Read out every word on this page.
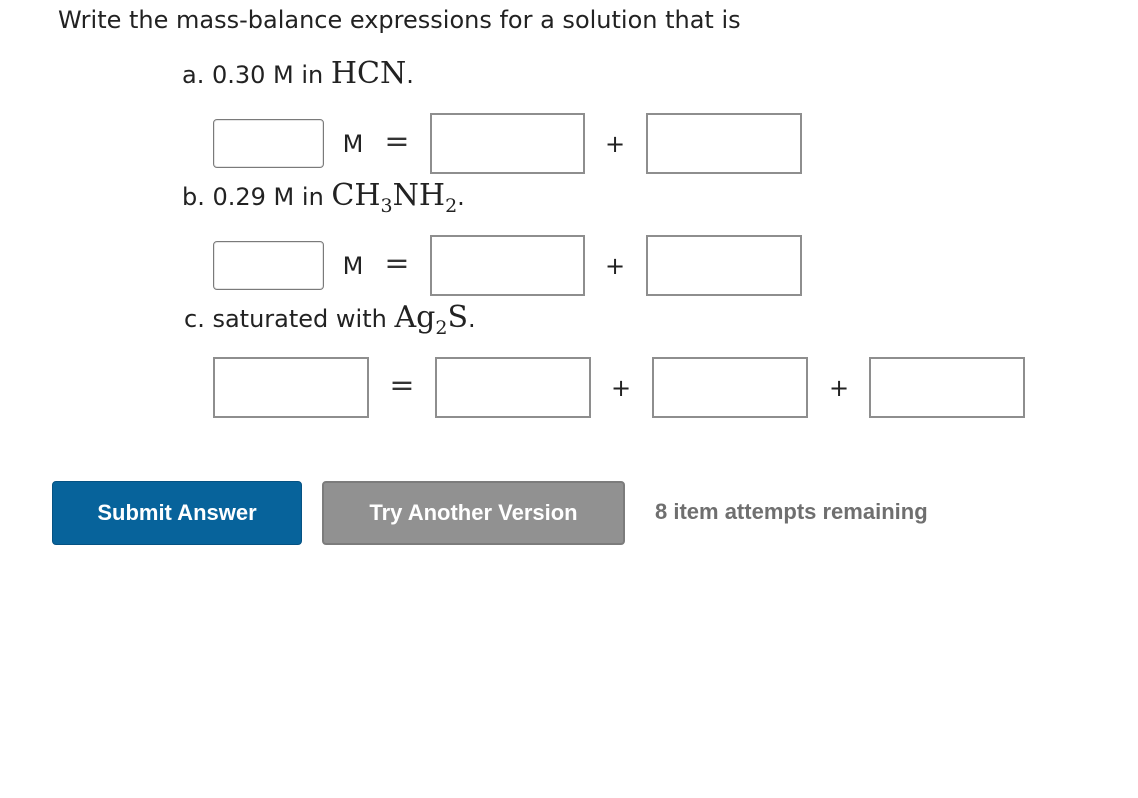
Write the mass-balance expressions for a solution that is
a. 0.30 M in HCN.
M =	+
b. 0.29 M in $CH_3NH_2$.
M =	+
c. saturated with $Ag_2S$.
=	+	+
Submit Answer	Try Another Version	8 item attempts remaining
